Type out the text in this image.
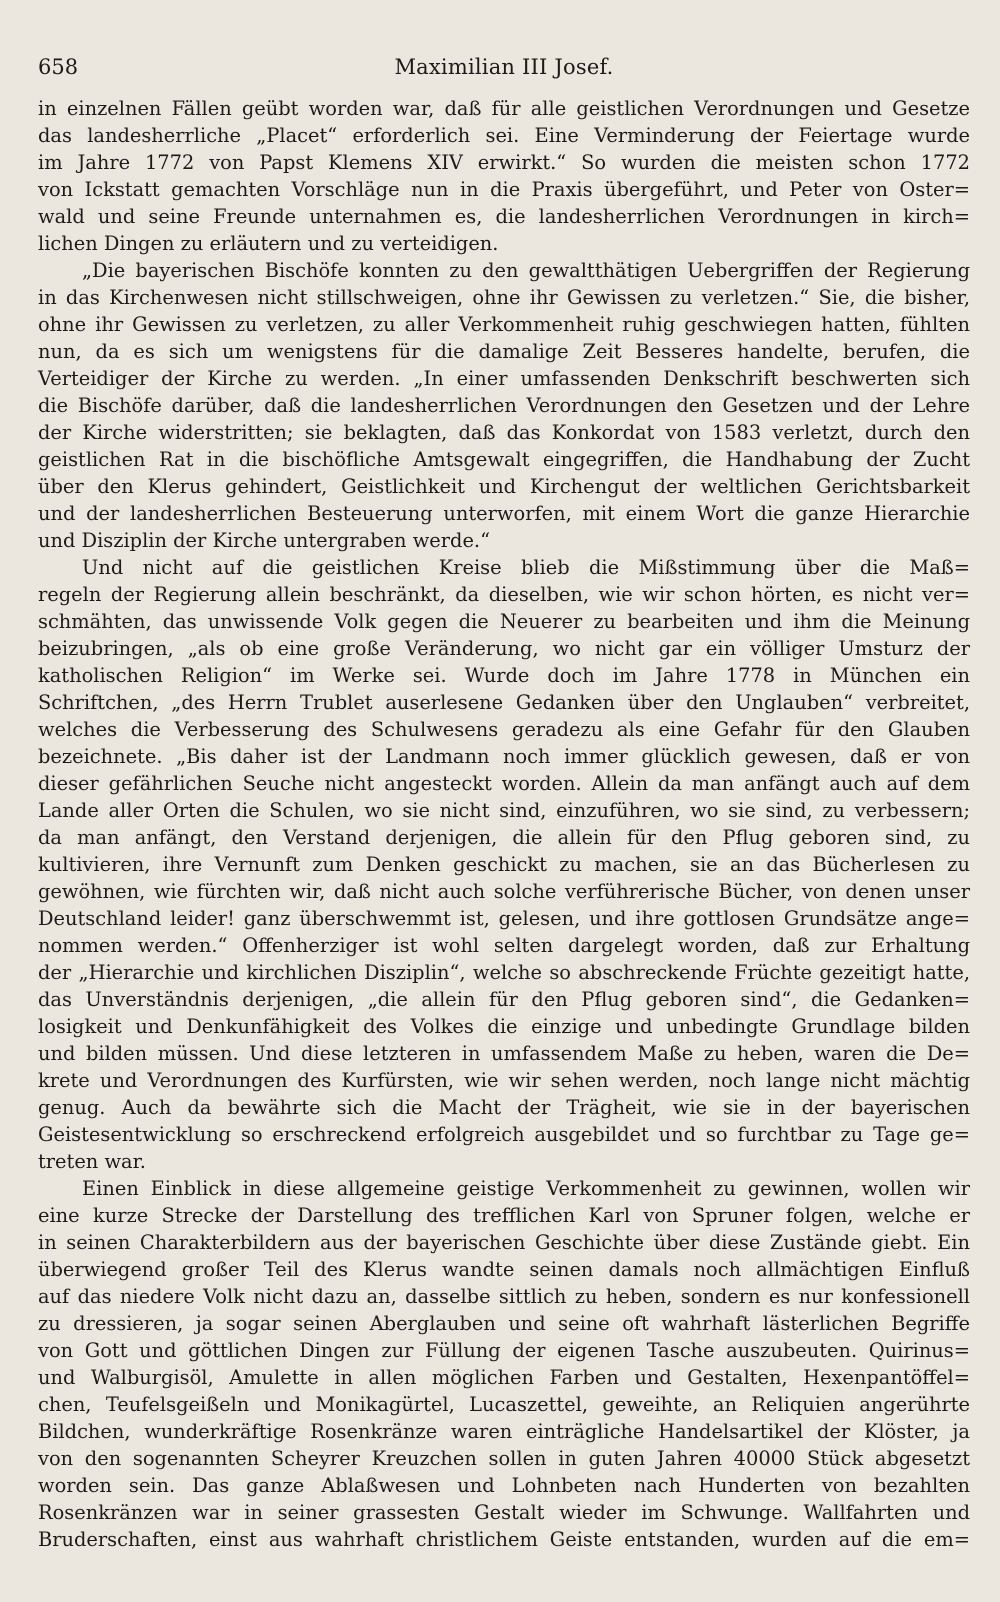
658	Maximilian III Josef.
in einzelnen Fällen geübt worden war, daß für alle geistlichen Verordnungen und Gesetze
das landesherrliche „Placet“ erforderlich sei. Eine Verminderung der Feiertage wurde
im Jahre 1772 von Papst Klemens XIV erwirkt.“ So wurden die meisten schon 1772
von Ickstatt gemachten Vorschläge nun in die Praxis übergeführt, und Peter von Oster=
wald und seine Freunde unternahmen es, die landesherrlichen Verordnungen in kirch=
lichen Dingen zu erläutern und zu verteidigen.
„Die bayerischen Bischöfe konnten zu den gewaltthätigen Uebergriffen der Regierung
in das Kirchenwesen nicht stillschweigen, ohne ihr Gewissen zu verletzen.“ Sie, die bisher,
ohne ihr Gewissen zu verletzen, zu aller Verkommenheit ruhig geschwiegen hatten, fühlten
nun, da es sich um wenigstens für die damalige Zeit Besseres handelte, berufen, die
Verteidiger der Kirche zu werden. „In einer umfassenden Denkschrift beschwerten sich
die Bischöfe darüber, daß die landesherrlichen Verordnungen den Gesetzen und der Lehre
der Kirche widerstritten; sie beklagten, daß das Konkordat von 1583 verletzt, durch den
geistlichen Rat in die bischöfliche Amtsgewalt eingegriffen, die Handhabung der Zucht
über den Klerus gehindert, Geistlichkeit und Kirchengut der weltlichen Gerichtsbarkeit
und der landesherrlichen Besteuerung unterworfen, mit einem Wort die ganze Hierarchie
und Disziplin der Kirche untergraben werde.“
Und nicht auf die geistlichen Kreise blieb die Mißstimmung über die Maß=
regeln der Regierung allein beschränkt, da dieselben, wie wir schon hörten, es nicht ver=
schmähten, das unwissende Volk gegen die Neuerer zu bearbeiten und ihm die Meinung
beizubringen, „als ob eine große Veränderung, wo nicht gar ein völliger Umsturz der
katholischen Religion“ im Werke sei. Wurde doch im Jahre 1778 in München ein
Schriftchen, „des Herrn Trublet auserlesene Gedanken über den Unglauben“ verbreitet,
welches die Verbesserung des Schulwesens geradezu als eine Gefahr für den Glauben
bezeichnete. „Bis daher ist der Landmann noch immer glücklich gewesen, daß er von
dieser gefährlichen Seuche nicht angesteckt worden. Allein da man anfängt auch auf dem
Lande aller Orten die Schulen, wo sie nicht sind, einzuführen, wo sie sind, zu verbessern;
da man anfängt, den Verstand derjenigen, die allein für den Pflug geboren sind, zu
kultivieren, ihre Vernunft zum Denken geschickt zu machen, sie an das Bücherlesen zu
gewöhnen, wie fürchten wir, daß nicht auch solche verführerische Bücher, von denen unser
Deutschland leider! ganz überschwemmt ist, gelesen, und ihre gottlosen Grundsätze ange=
nommen werden.“ Offenherziger ist wohl selten dargelegt worden, daß zur Erhaltung
der „Hierarchie und kirchlichen Disziplin“, welche so abschreckende Früchte gezeitigt hatte,
das Unverständnis derjenigen, „die allein für den Pflug geboren sind“, die Gedanken=
losigkeit und Denkunfähigkeit des Volkes die einzige und unbedingte Grundlage bilden
und bilden müssen. Und diese letzteren in umfassendem Maße zu heben, waren die De=
krete und Verordnungen des Kurfürsten, wie wir sehen werden, noch lange nicht mächtig
genug. Auch da bewährte sich die Macht der Trägheit, wie sie in der bayerischen
Geistesentwicklung so erschreckend erfolgreich ausgebildet und so furchtbar zu Tage ge=
treten war.
Einen Einblick in diese allgemeine geistige Verkommenheit zu gewinnen, wollen wir
eine kurze Strecke der Darstellung des trefflichen Karl von Spruner folgen, welche er
in seinen Charakterbildern aus der bayerischen Geschichte über diese Zustände giebt. Ein
überwiegend großer Teil des Klerus wandte seinen damals noch allmächtigen Einfluß
auf das niedere Volk nicht dazu an, dasselbe sittlich zu heben, sondern es nur konfessionell
zu dressieren, ja sogar seinen Aberglauben und seine oft wahrhaft lästerlichen Begriffe
von Gott und göttlichen Dingen zur Füllung der eigenen Tasche auszubeuten. Quirinus=
und Walburgisöl, Amulette in allen möglichen Farben und Gestalten, Hexenpantöffel=
chen, Teufelsgeißeln und Monikagürtel, Lucaszettel, geweihte, an Reliquien angerührte
Bildchen, wunderkräftige Rosenkränze waren einträgliche Handelsartikel der Klöster, ja
von den sogenannten Scheyrer Kreuzchen sollen in guten Jahren 40000 Stück abgesetzt
worden sein. Das ganze Ablaßwesen und Lohnbeten nach Hunderten von bezahlten
Rosenkränzen war in seiner grassesten Gestalt wieder im Schwunge. Wallfahrten und
Bruderschaften, einst aus wahrhaft christlichem Geiste entstanden, wurden auf die em=
